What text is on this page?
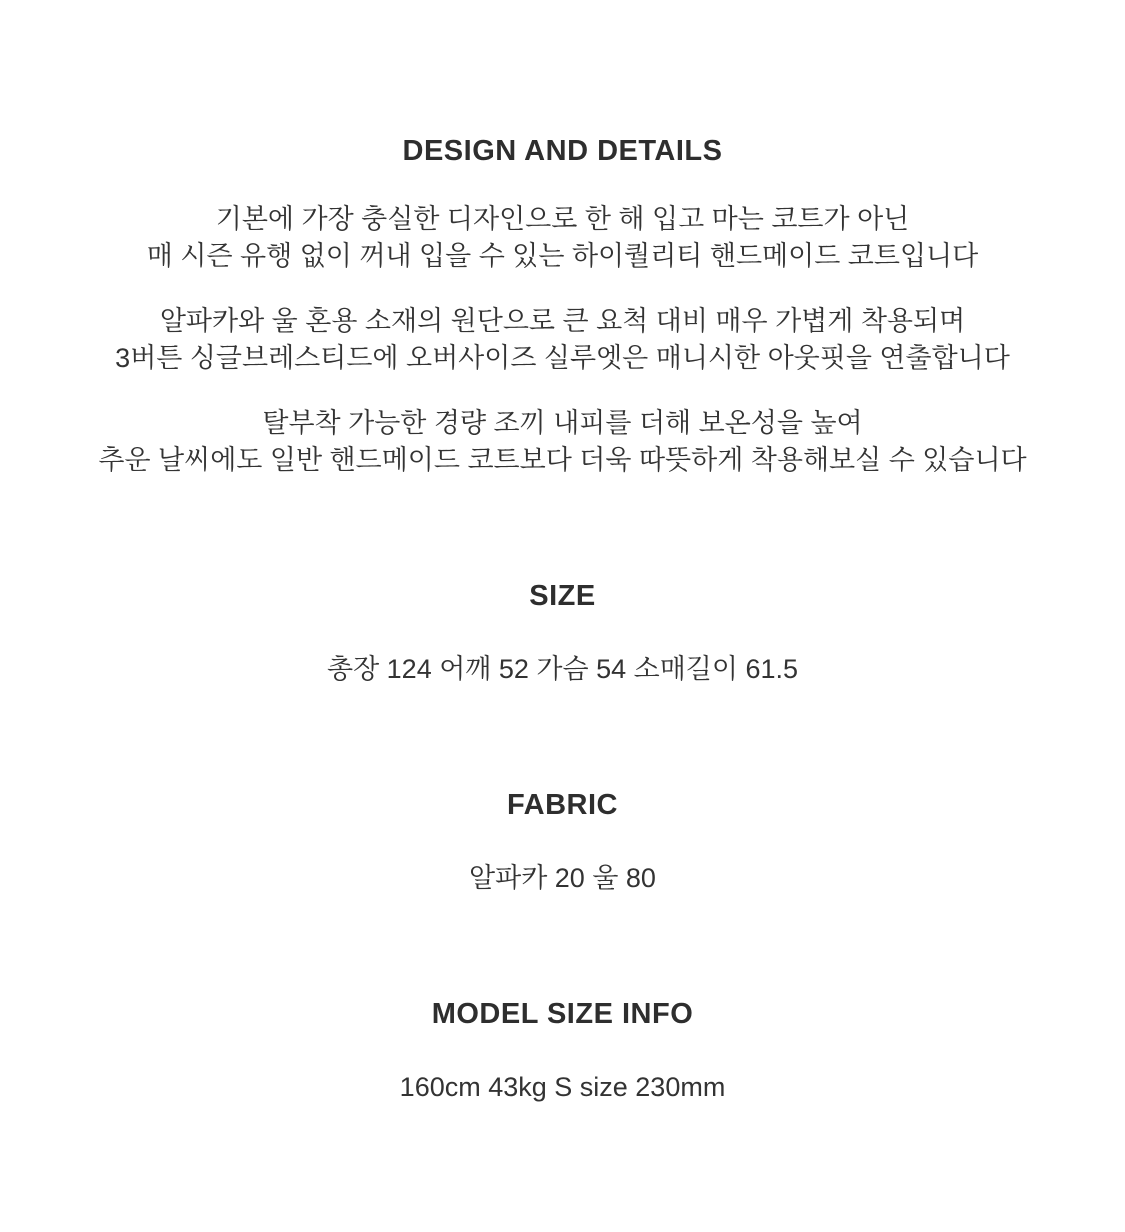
DESIGN AND DETAILS

기본에 가장 충실한 디자인으로 한 해 입고 마는 코트가 아닌
매 시즌 유행 없이 꺼내 입을 수 있는 하이퀄리티 핸드메이드 코트입니다

알파카와 울 혼용 소재의 원단으로 큰 요척 대비 매우 가볍게 착용되며
3버튼 싱글브레스티드에 오버사이즈 실루엣은 매니시한 아웃핏을 연출합니다

탈부착 가능한 경량 조끼 내피를 더해 보온성을 높여
추운 날씨에도 일반 핸드메이드 코트보다 더욱 따뜻하게 착용해보실 수 있습니다

SIZE

총장 124 어깨 52 가슴 54 소매길이 61.5

FABRIC

알파카 20 울 80

MODEL SIZE INFO

160cm 43kg S size 230mm
